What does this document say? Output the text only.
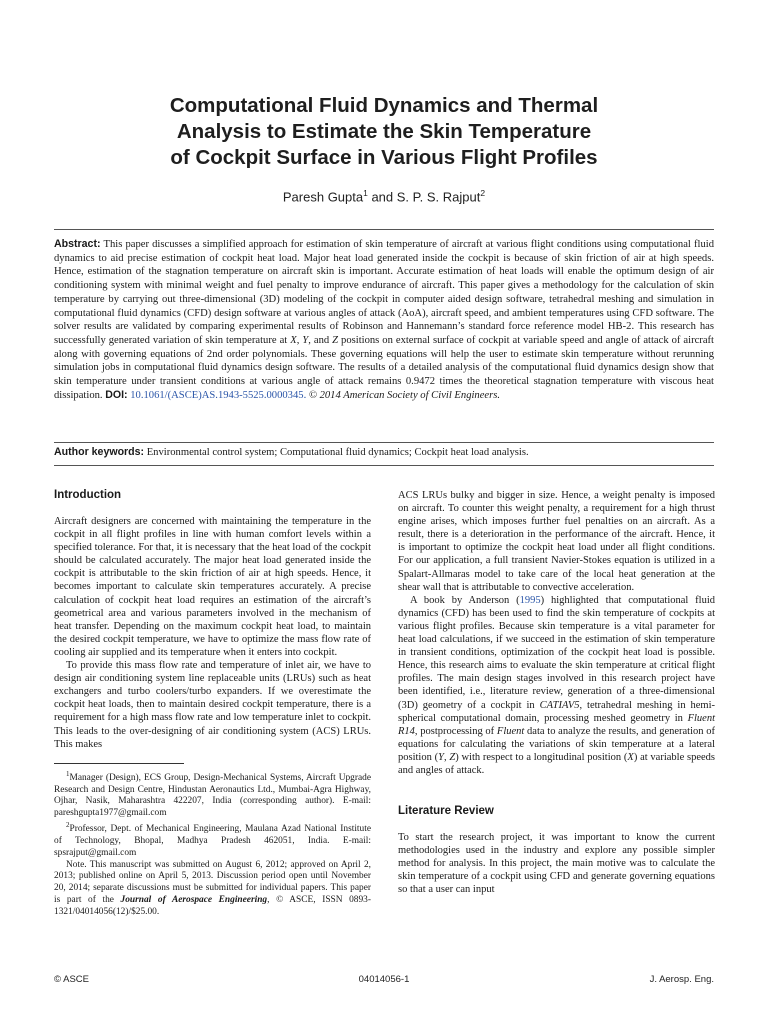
Computational Fluid Dynamics and Thermal
Analysis to Estimate the Skin Temperature
of Cockpit Surface in Various Flight Profiles
Paresh Gupta$^1$ and S. P. S. Rajput$^2$

Abstract: This paper discusses a simplified approach for estimation of skin temperature of aircraft at various flight conditions using computational fluid dynamics to aid precise estimation of cockpit heat load. Major heat load generated inside the cockpit is because of skin friction of air at high speeds. Hence, estimation of the stagnation temperature on aircraft skin is important. Accurate estimation of heat loads will enable the optimum design of air conditioning system with minimal weight and fuel penalty to improve endurance of aircraft. This paper gives a methodology for the calculation of skin temperature by carrying out three-dimensional (3D) modeling of the cockpit in computer aided design software, tetrahedral meshing and simulation in computational fluid dynamics (CFD) design software at various angles of attack (AoA), aircraft speed, and ambient temperatures using CFD software. The solver results are validated by comparing experimental results of Robinson and Hannemann’s standard force reference model HB-2. This research has successfully generated variation of skin temperature at X, Y, and Z positions on external surface of cockpit at variable speed and angle of attack of aircraft along with governing equations of 2nd order polynomials. These governing equations will help the user to estimate skin temperature without rerunning simulation jobs in computational fluid dynamics design software. The results of a detailed analysis of the computational fluid dynamics design show that skin temperature under transient conditions at various angle of attack remains 0.9472 times the theoretical stagnation temperature with viscous heat dissipation. DOI: 10.1061/(ASCE)AS.1943-5525.0000345. © 2014 American Society of Civil Engineers.

Author keywords: Environmental control system; Computational fluid dynamics; Cockpit heat load analysis.

Introduction

Aircraft designers are concerned with maintaining the temperature in the cockpit in all flight profiles in line with human comfort levels within a specified tolerance. For that, it is necessary that the heat load of the cockpit should be calculated accurately. The major heat load generated inside the cockpit is attributable to the skin friction of air at high speeds. Hence, it becomes important to calculate skin temperatures accurately. A precise calculation of cockpit heat load requires an estimation of the aircraft’s geometrical area and various parameters involved in the mechanism of heat transfer. Depending on the maximum cockpit heat load, to maintain the desired cockpit temperature, we have to optimize the mass flow rate of cooling air supplied and its temperature when it enters into cockpit.

To provide this mass flow rate and temperature of inlet air, we have to design air conditioning system line replaceable units (LRUs) such as heat exchangers and turbo coolers/turbo expanders. If we overestimate the cockpit heat loads, then to maintain desired cockpit temperature, there is a requirement for a high mass flow rate and low temperature inlet to cockpit. This leads to the over-designing of air conditioning system (ACS) LRUs. This makes

$^1$Manager (Design), ECS Group, Design-Mechanical Systems, Aircraft Upgrade Research and Design Centre, Hindustan Aeronautics Ltd., Mumbai-Agra Highway, Ojhar, Nasik, Maharashtra 422207, India (corresponding author). E-mail: pareshgupta1977@gmail.com

$^2$Professor, Dept. of Mechanical Engineering, Maulana Azad National Institute of Technology, Bhopal, Madhya Pradesh 462051, India. E-mail: spsrajput@gmail.com

Note. This manuscript was submitted on August 6, 2012; approved on April 2, 2013; published online on April 5, 2013. Discussion period open until November 20, 2014; separate discussions must be submitted for individual papers. This paper is part of the Journal of Aerospace Engineering, © ASCE, ISSN 0893-1321/04014056(12)/$25.00.

ACS LRUs bulky and bigger in size. Hence, a weight penalty is imposed on aircraft. To counter this weight penalty, a requirement for a high thrust engine arises, which imposes further fuel penalties on an aircraft. As a result, there is a deterioration in the performance of the aircraft. Hence, it is important to optimize the cockpit heat load under all flight conditions. For our application, a full transient Navier-Stokes equation is utilized in a Spalart-Allmaras model to take care of the local heat generation at the shear wall that is attributable to convective acceleration.

A book by Anderson (1995) highlighted that computational fluid dynamics (CFD) has been used to find the skin temperature of cockpits at various flight profiles. Because skin temperature is a vital parameter for heat load calculations, if we succeed in the estimation of skin temperature in transient conditions, optimization of the cockpit heat load is possible. Hence, this research aims to evaluate the skin temperature at critical flight profiles. The main design stages involved in this research project have been identified, i.e., literature review, generation of a three-dimensional (3D) geometry of a cockpit in CATIAV5, tetrahedral meshing in hemi-spherical computational domain, processing meshed geometry in Fluent R14, postprocessing of Fluent data to analyze the results, and generation of equations for calculating the variations of skin temperature at a lateral position (Y, Z) with respect to a longitudinal position (X) at variable speeds and angles of attack.

Literature Review

To start the research project, it was important to know the current methodologies used in the industry and explore any possible simpler method for analysis. In this project, the main motive was to calculate the skin temperature of a cockpit using CFD and generate governing equations so that a user can input

© ASCE	04014056-1	J. Aerosp. Eng.
